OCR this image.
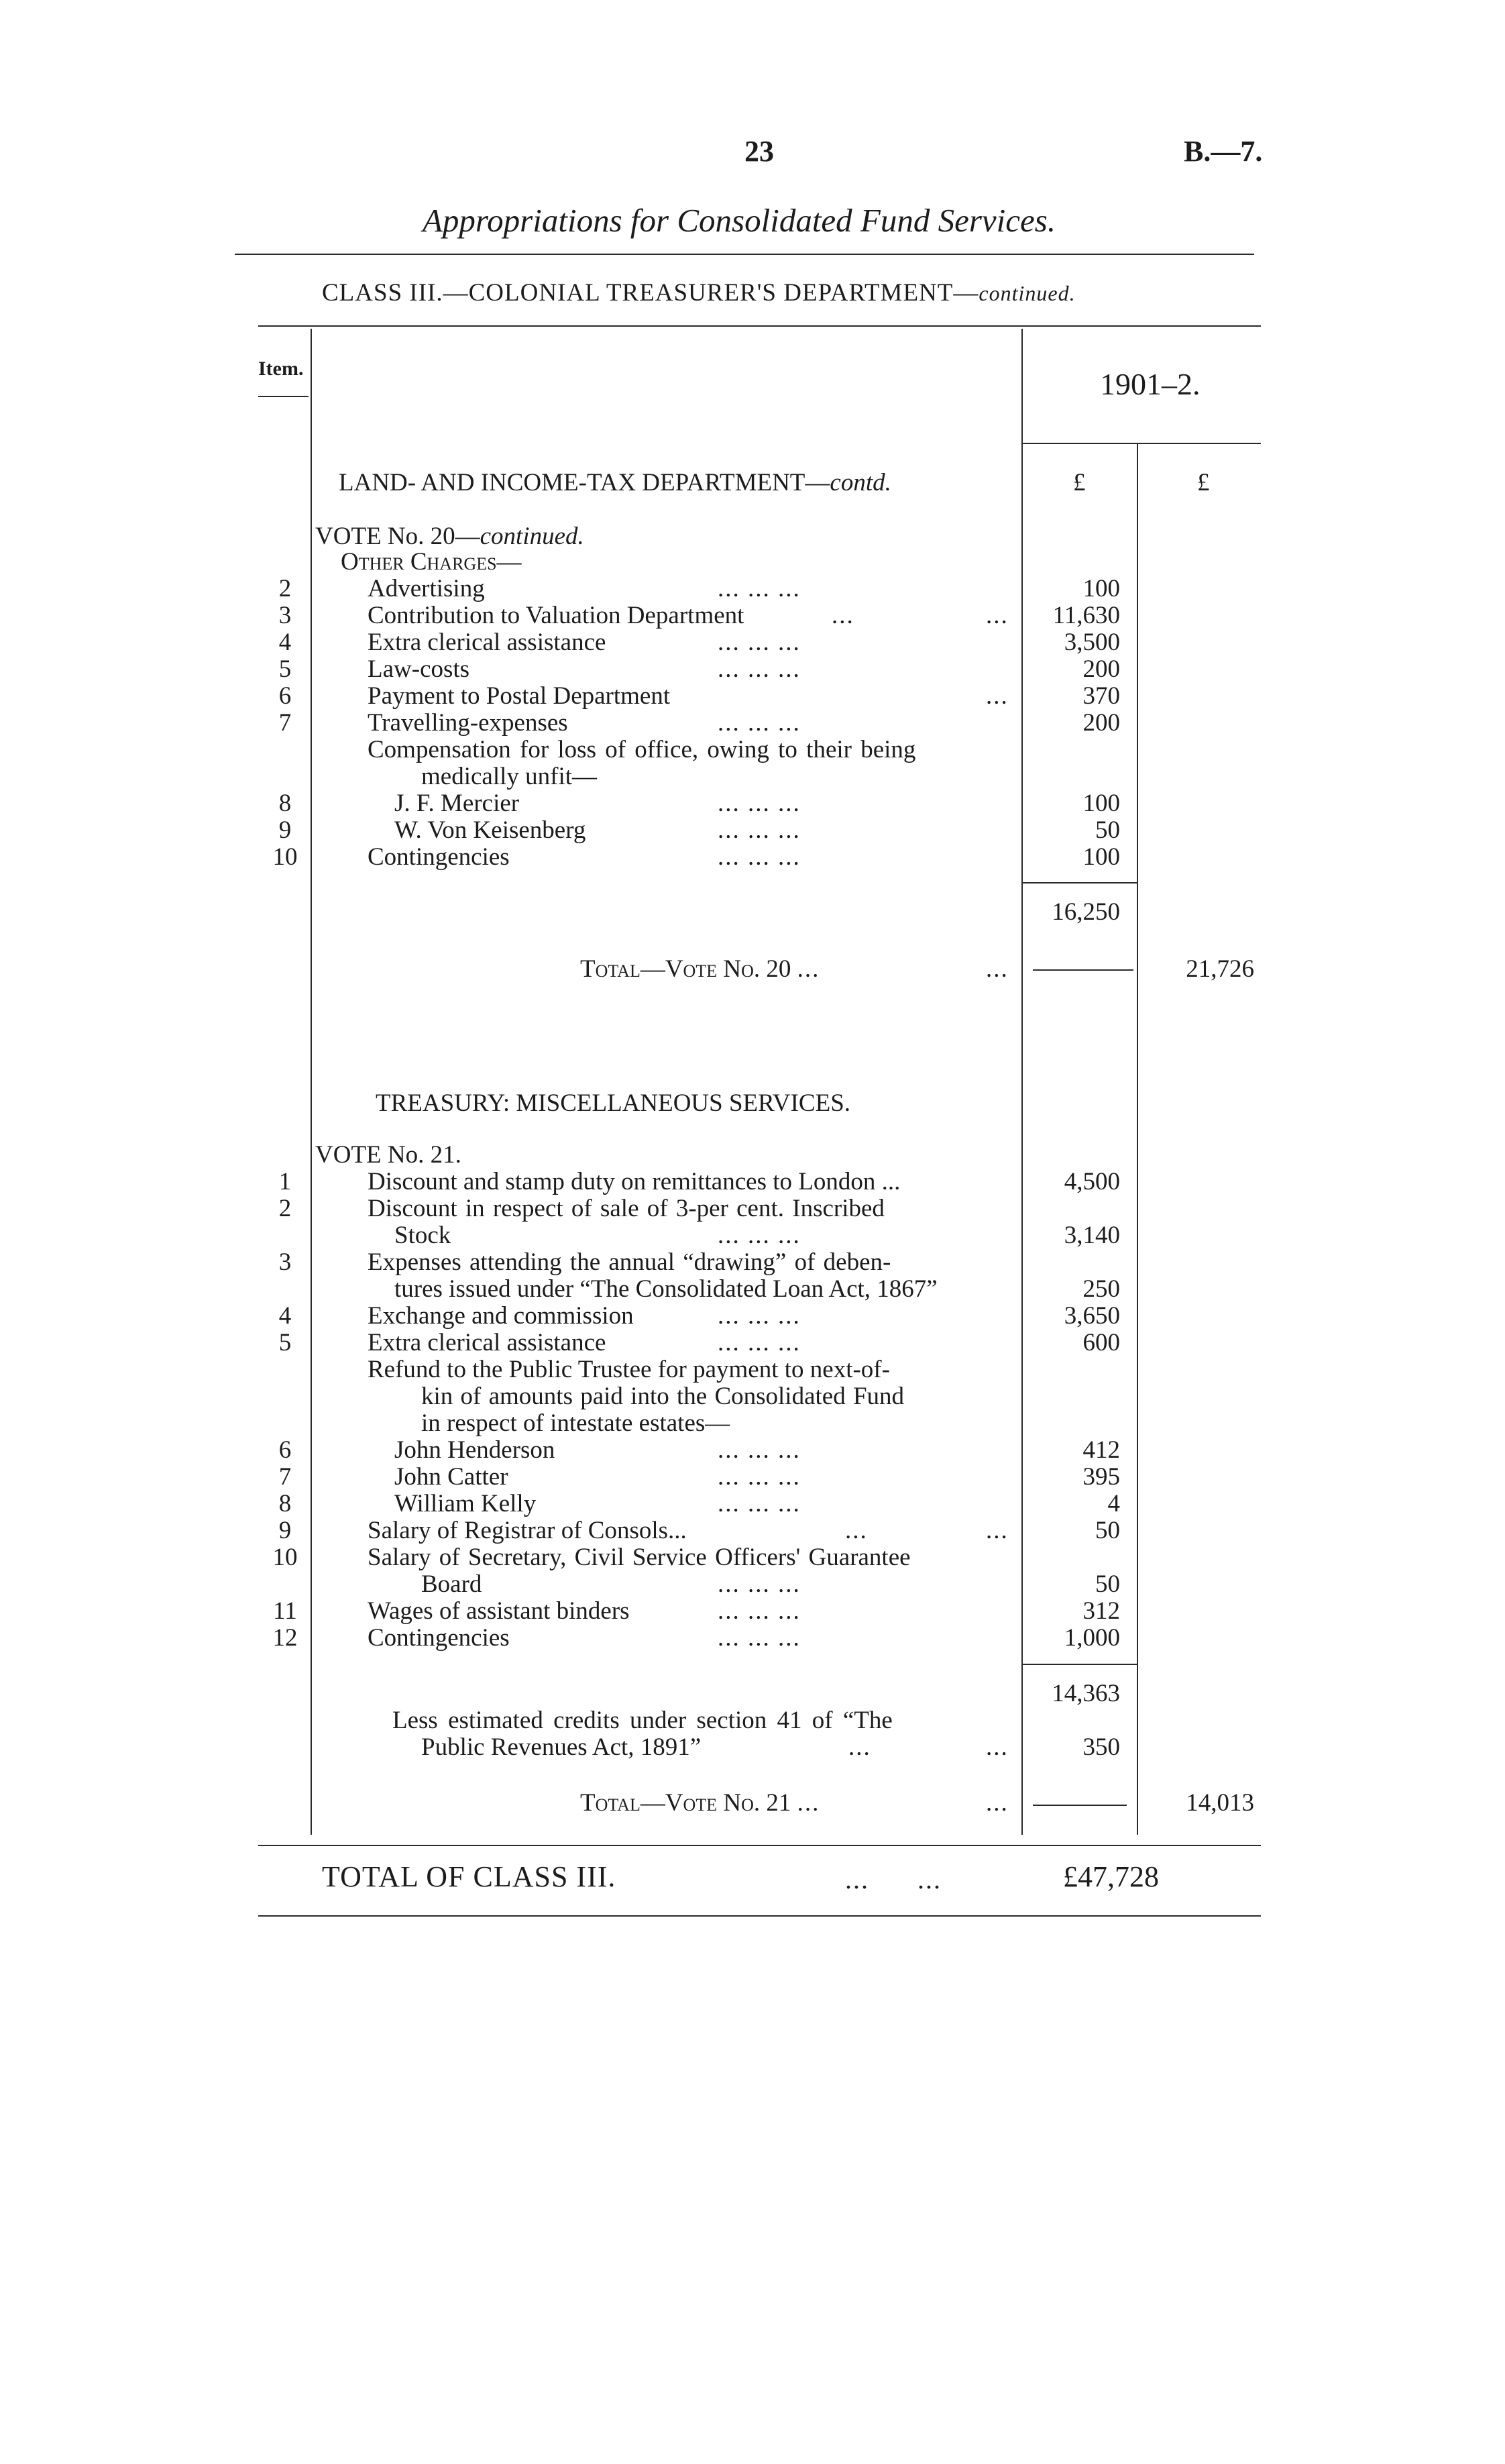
23	B.—7.
Appropriations for Consolidated Fund Services.
CLASS III.—COLONIAL TREASURER'S DEPARTMENT—continued.
Item.	1901–2.
LAND- AND INCOME-TAX DEPARTMENT—contd.	£	£
VOTE No. 20—continued.
Other Charges—
2	Advertising	... ... ...	100
3	Contribution to Valuation Department	...	...	11,630
4	Extra clerical assistance	... ... ...	3,500
5	Law-costs	... ... ...	200
6	Payment to Postal Department	...	370
7	Travelling-expenses	... ... ...	200
Compensation for loss of office, owing to their being
medically unfit—
8	J. F. Mercier	... ... ...	100
9	W. Von Keisenberg	... ... ...	50
10	Contingencies	... ... ...	100
16,250
Total—Vote No. 20 ...	...	21,726
TREASURY: MISCELLANEOUS SERVICES.
VOTE No. 21.
1	Discount and stamp duty on remittances to London ...	4,500
2	Discount in respect of sale of 3-per cent. Inscribed
Stock	... ... ...	3,140
3	Expenses attending the annual “drawing” of deben-
tures issued under “The Consolidated Loan Act, 1867”	250
4	Exchange and commission	... ... ...	3,650
5	Extra clerical assistance	... ... ...	600
Refund to the Public Trustee for payment to next-of-
kin of amounts paid into the Consolidated Fund
in respect of intestate estates—
6	John Henderson	... ... ...	412
7	John Catter	... ... ...	395
8	William Kelly	... ... ...	4
9	Salary of Registrar of Consols...	...	...	50
10	Salary of Secretary, Civil Service Officers' Guarantee
Board	... ... ...	50
11	Wages of assistant binders	... ... ...	312
12	Contingencies	... ... ...	1,000
14,363
Less estimated credits under section 41 of “The
Public Revenues Act, 1891”	...	...	350
Total—Vote No. 21 ...	...	14,013
TOTAL OF CLASS III.	...      ...	£47,728
